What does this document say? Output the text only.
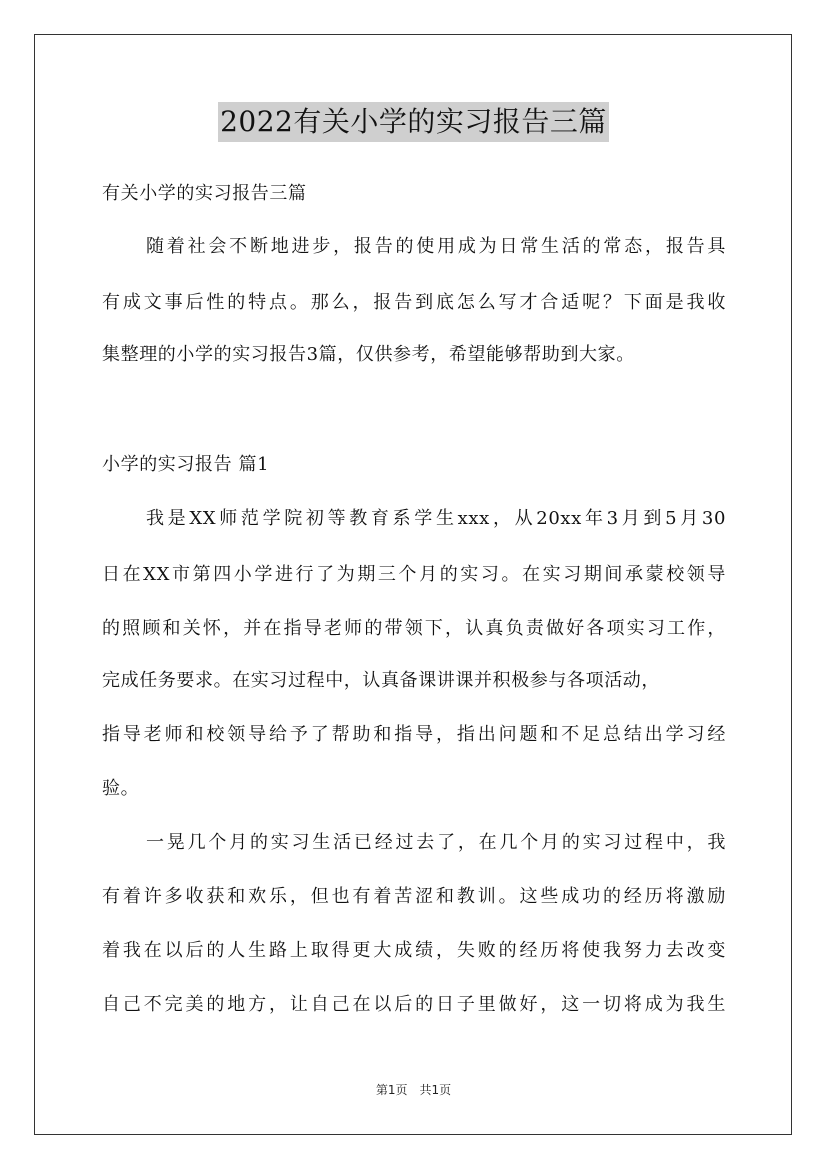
2022有关小学的实习报告三篇
有关小学的实习报告三篇
随着社会不断地进步，报告的使用成为日常生活的常态，报告具
有成文事后性的特点。那么，报告到底怎么写才合适呢？下面是我收
集整理的小学的实习报告3篇，仅供参考，希望能够帮助到大家。
小学的实习报告 篇1
我是XX师范学院初等教育系学生xxx，从20xx年3月到5月30
日在XX市第四小学进行了为期三个月的实习。在实习期间承蒙校领导
的照顾和关怀，并在指导老师的带领下，认真负责做好各项实习工作，
完成任务要求。在实习过程中，认真备课讲课并积极参与各项活动，
指导老师和校领导给予了帮助和指导，指出问题和不足总结出学习经
验。
一晃几个月的实习生活已经过去了，在几个月的实习过程中，我
有着许多收获和欢乐，但也有着苦涩和教训。这些成功的经历将激励
着我在以后的人生路上取得更大成绩，失败的经历将使我努力去改变
自己不完美的地方，让自己在以后的日子里做好，这一切将成为我生
第1页　共1页
